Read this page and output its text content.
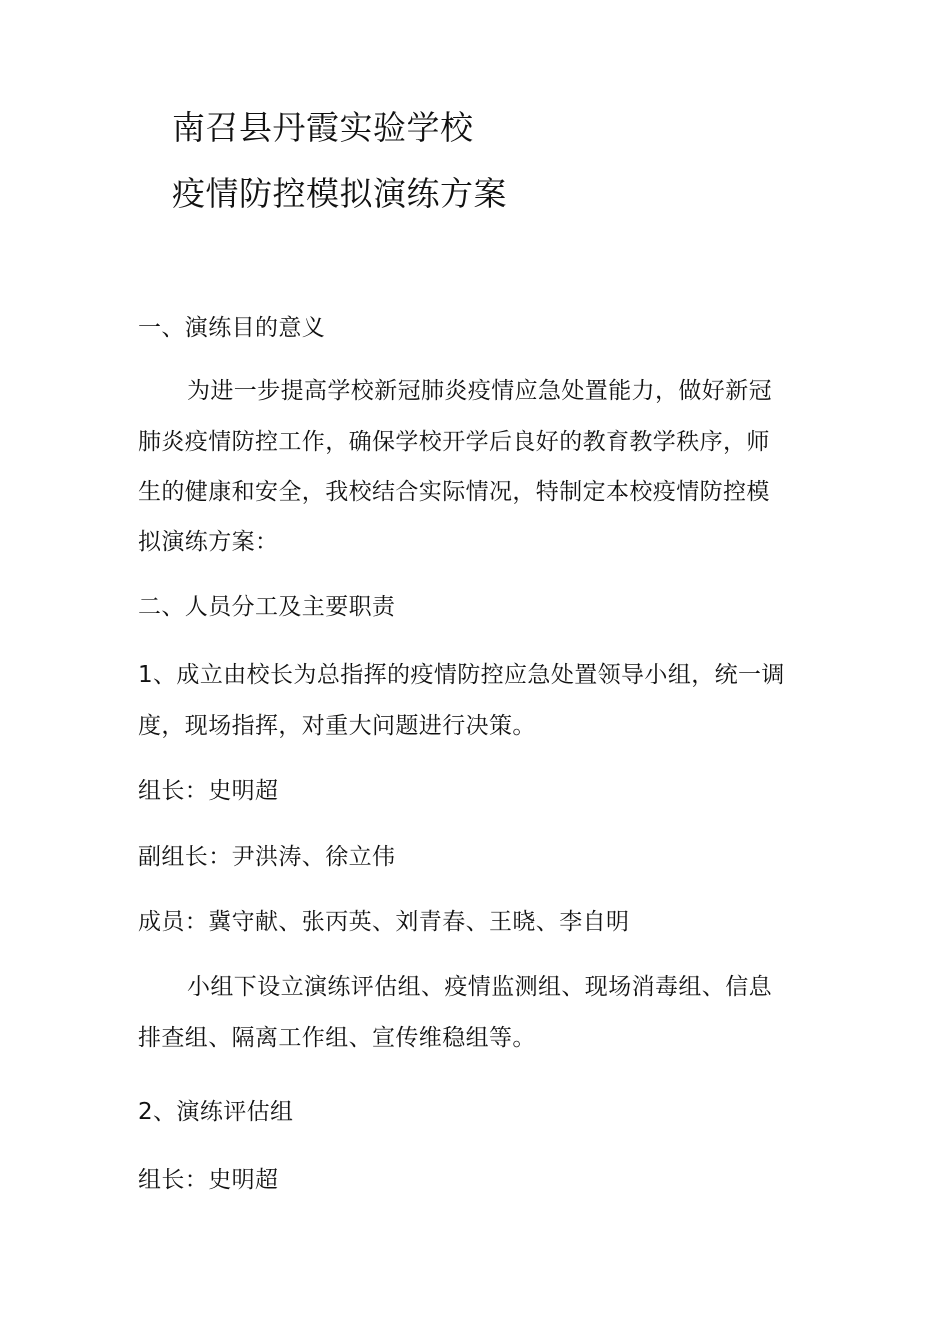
南召县丹霞实验学校
疫情防控模拟演练方案
一、演练目的意义
为进一步提高学校新冠肺炎疫情应急处置能力，做好新冠
肺炎疫情防控工作，确保学校开学后良好的教育教学秩序，师
生的健康和安全，我校结合实际情况，特制定本校疫情防控模
拟演练方案：
二、人员分工及主要职责
1、成立由校长为总指挥的疫情防控应急处置领导小组，统一调
度，现场指挥，对重大问题进行决策。
组长：史明超
副组长：尹洪涛、徐立伟
成员：冀守献、张丙英、刘青春、王晓、李自明
小组下设立演练评估组、疫情监测组、现场消毒组、信息
排查组、隔离工作组、宣传维稳组等。
2、演练评估组
组长：史明超
